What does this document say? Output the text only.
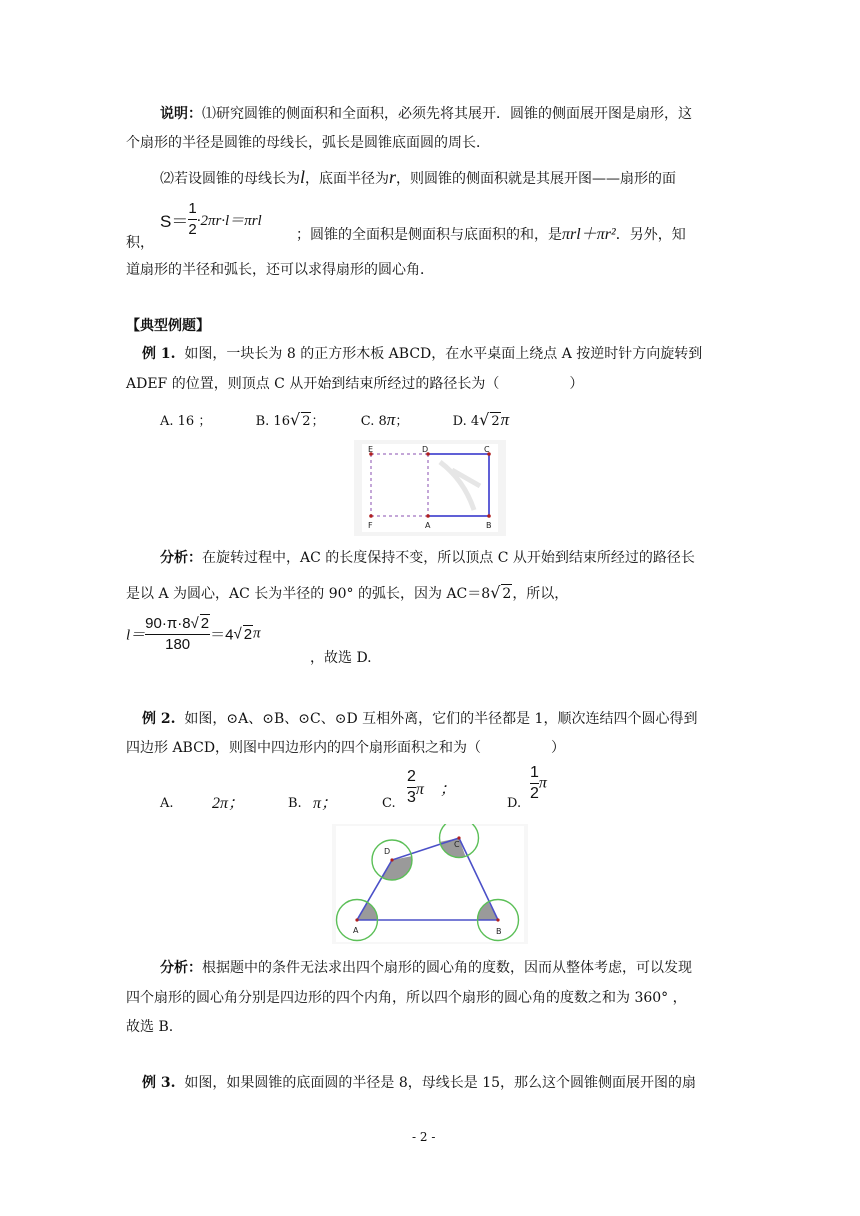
说明：⑴研究圆锥的侧面积和全面积，必须先将其展开．圆锥的侧面展开图是扇形，这
个扇形的半径是圆锥的母线长，弧长是圆锥底面圆的周长．
⑵若设圆锥的母线长为l，底面半径为r，则圆锥的侧面积就是其展开图——扇形的面
积，
$S= \frac{1}{2} \cdot 2\pi r\cdot l=\pi rl$
；圆锥的全面积是侧面积与底面积的和，是πrl＋πr²．另外，知
道扇形的半径和弧长，还可以求得扇形的圆心角．
【典型例题】
例 1. 如图，一块长为 8 的正方形木板 ABCD，在水平桌面上绕点 A 按逆时针方向旋转到
ADEF 的位置，则顶点 C 从开始到结束所经过的路径长为（　　　　　）
A. 16 ；	B. 16√ 2；	C. 8π；	D. 4√ 2π
E	D	C
F	A	B
分析：在旋转过程中，AC 的长度保持不变，所以顶点 C 从开始到结束所经过的路径长
是以 A 为圆心，AC 长为半径的 90° 的弧长，因为 AC＝8√ 2，所以，
$l= \frac{90\cdot\pi\cdot 8√ 2}{180} =4√$ 2π
，故选 D.
例 2. 如图，⊙A、⊙B、⊙C、⊙D 互相外离，它们的半径都是 1，顺次连结四个圆心得到
四边形 ABCD，则图中四边形内的四个扇形面积之和为（　　　　　）
A. 2π；	B. π；	C. $\frac{2}{3}$ π　；
D.
$\frac{1}{2}$ π
D
C
A	B
分析：根据题中的条件无法求出四个扇形的圆心角的度数，因而从整体考虑，可以发现
四个扇形的圆心角分别是四边形的四个内角，所以四个扇形的圆心角的度数之和为 360° ，
故选 B.
例 3. 如图，如果圆锥的底面圆的半径是 8，母线长是 15，那么这个圆锥侧面展开图的扇
- 2 -
